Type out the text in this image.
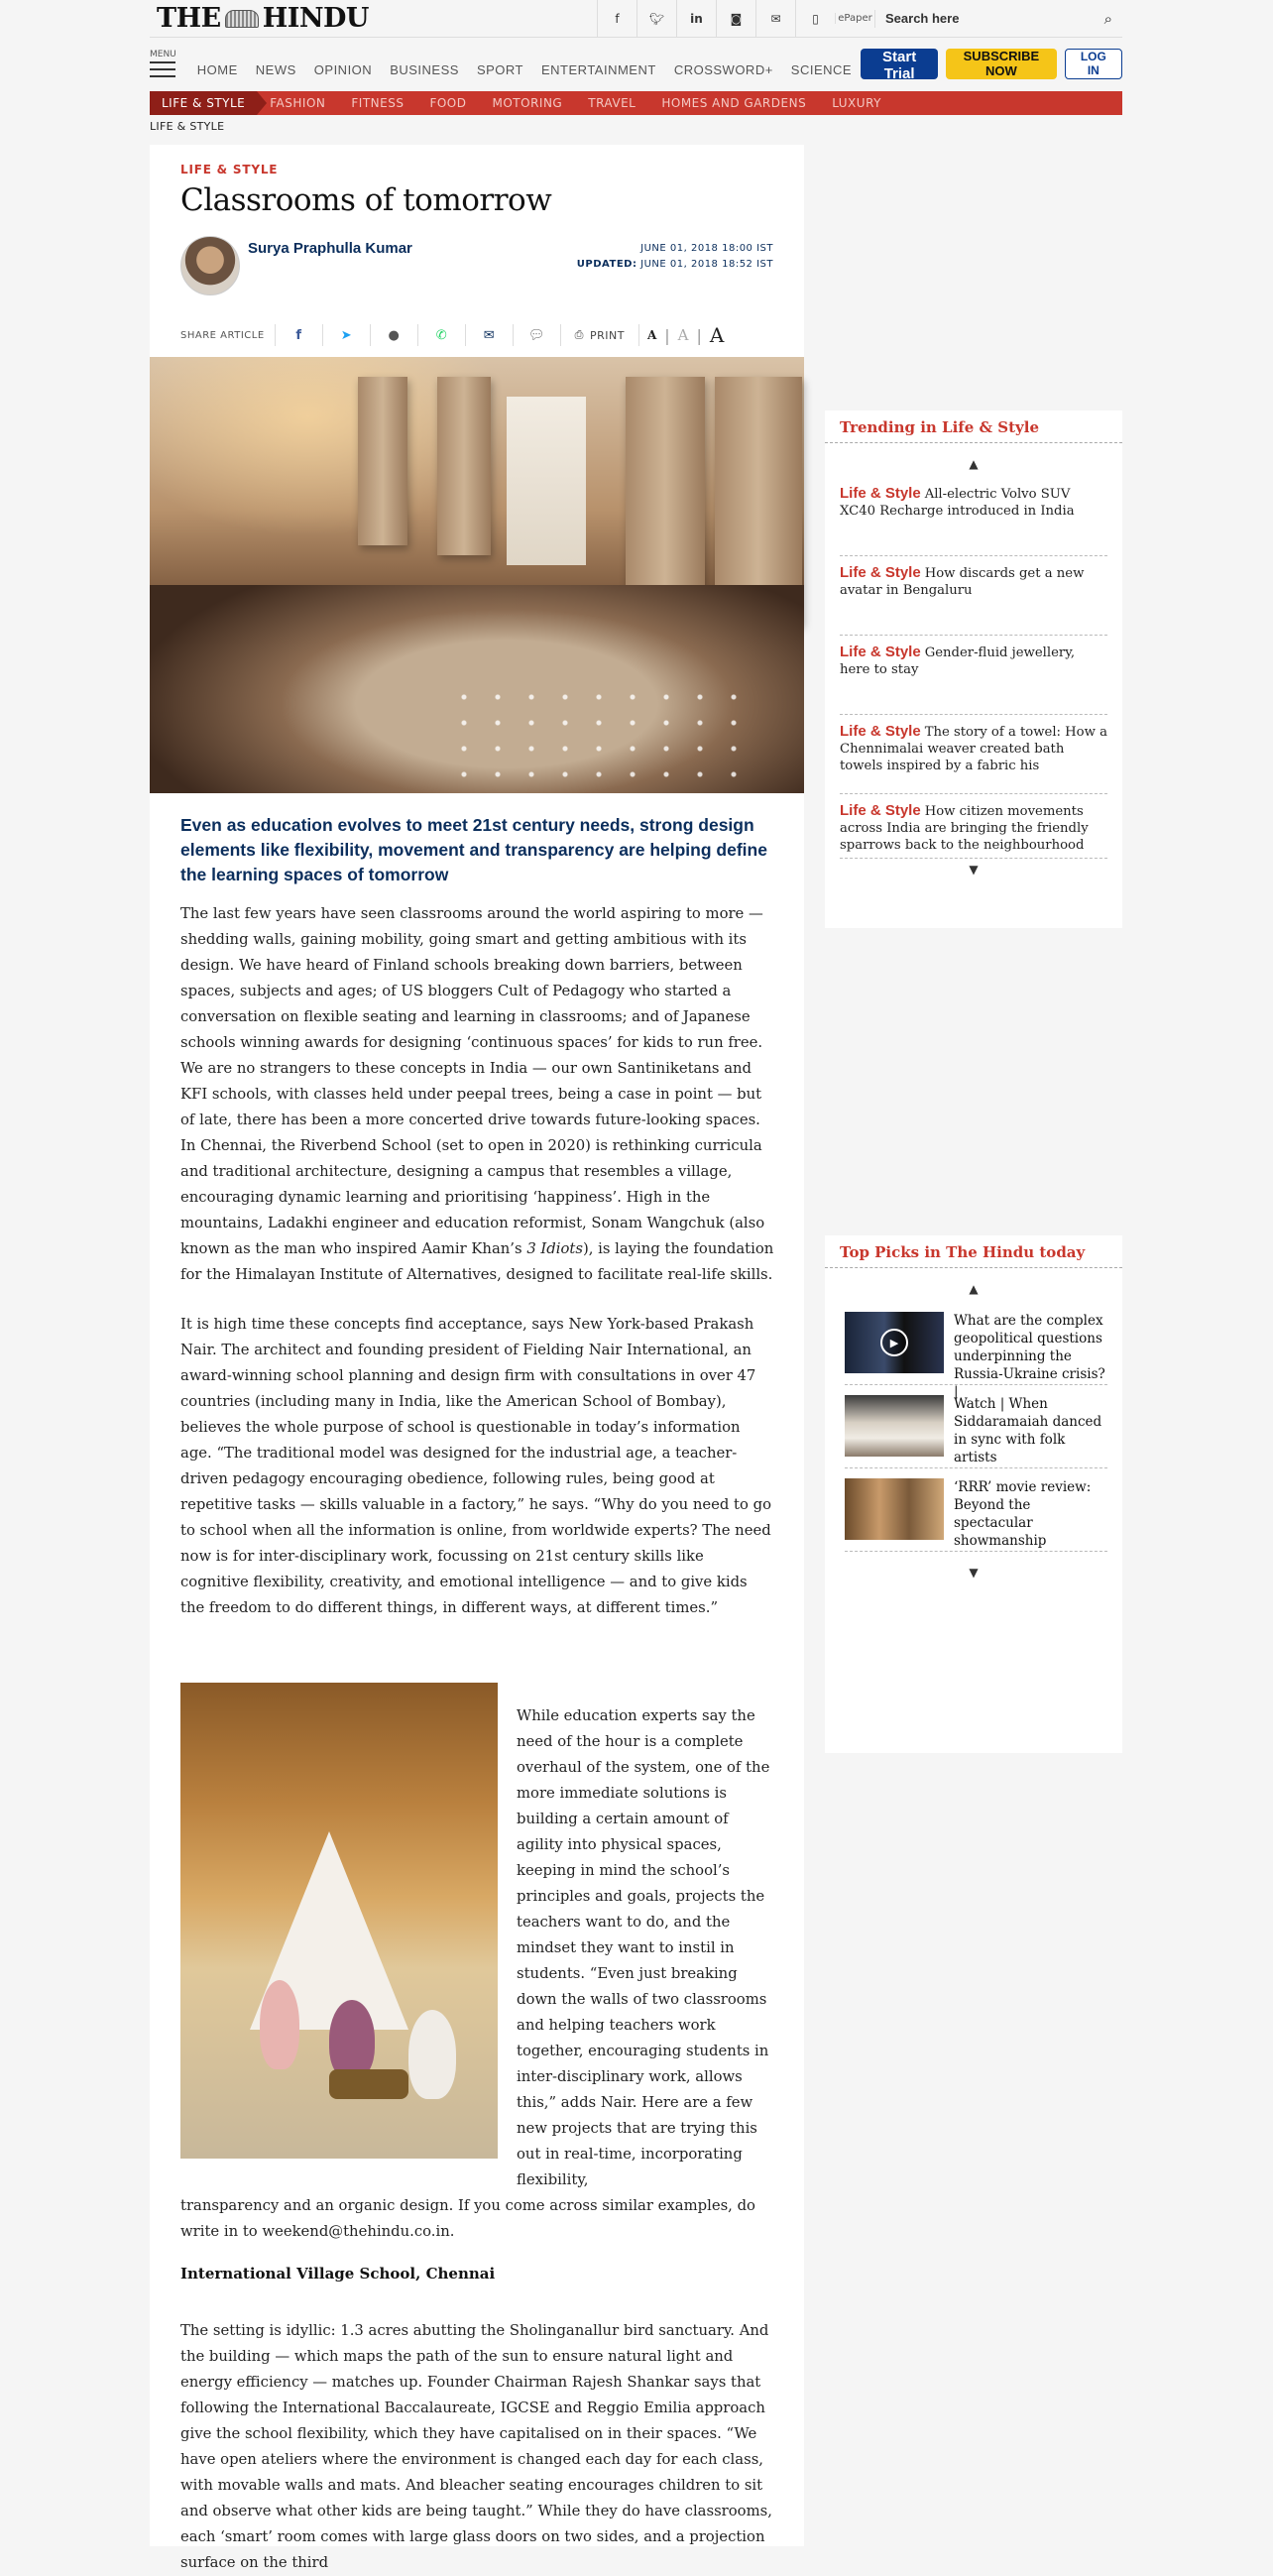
THE HINDU	f	🐦︎	in	◙	✉	▯	ePaper
Search here	⌕
MENU
HOME	NEWS	OPINION	BUSINESS	SPORT	ENTERTAINMENT	CROSSWORD+	SCIENCE
Start Trial
SUBSCRIBE NOW
LOG IN
LIFE & STYLE	FASHION	FITNESS	FOOD	MOTORING	TRAVEL	HOMES AND GARDENS	LUXURY
LIFE & STYLE
LIFE & STYLE
Classrooms of tomorrow
Surya Praphulla Kumar	JUNE 01, 2018 18:00 IST
UPDATED: JUNE 01, 2018 18:52 IST
SHARE ARTICLE	f	➤	●	✆	✉	💬︎	⎙ PRINT	A | A | A

Even as education evolves to meet 21st century needs, strong design elements like flexibility, movement and transparency are helping define the learning spaces of tomorrow

The last few years have seen classrooms around the world aspiring to more — shedding walls, gaining mobility, going smart and getting ambitious with its design. We have heard of Finland schools breaking down barriers, between spaces, subjects and ages; of US bloggers Cult of Pedagogy who started a conversation on flexible seating and learning in classrooms; and of Japanese schools winning awards for designing ‘continuous spaces’ for kids to run free. We are no strangers to these concepts in India — our own Santiniketans and KFI schools, with classes held under peepal trees, being a case in point — but of late, there has been a more concerted drive towards future-looking spaces. In Chennai, the Riverbend School (set to open in 2020) is rethinking curricula and traditional architecture, designing a campus that resembles a village, encouraging dynamic learning and prioritising ‘happiness’. High in the mountains, Ladakhi engineer and education reformist, Sonam Wangchuk (also known as the man who inspired Aamir Khan’s 3 Idiots), is laying the foundation for the Himalayan Institute of Alternatives, designed to facilitate real-life skills.

It is high time these concepts find acceptance, says New York-based Prakash Nair. The architect and founding president of Fielding Nair International, an award-winning school planning and design firm with consultations in over 47 countries (including many in India, like the American School of Bombay), believes the whole purpose of school is questionable in today’s information age. “The traditional model was designed for the industrial age, a teacher-driven pedagogy encouraging obedience, following rules, being good at repetitive tasks — skills valuable in a factory,” he says. “Why do you need to go to school when all the information is online, from worldwide experts? The need now is for inter-disciplinary work, focussing on 21st century skills like cognitive flexibility, creativity, and emotional intelligence — and to give kids the freedom to do different things, in different ways, at different times.”

While education experts say the need of the hour is a complete overhaul of the system, one of the more immediate solutions is building a certain amount of agility into physical spaces, keeping in mind the school’s principles and goals, projects the teachers want to do, and the mindset they want to instil in students. “Even just breaking down the walls of two classrooms and helping teachers work together, encouraging students in inter-disciplinary work, allows this,” adds Nair. Here are a few new projects that are trying this out in real-time, incorporating flexibility,

transparency and an organic design. If you come across similar examples, do write in to weekend@thehindu.co.in.

International Village School, Chennai

The setting is idyllic: 1.3 acres abutting the Sholinganallur bird sanctuary. And the building — which maps the path of the sun to ensure natural light and energy efficiency — matches up. Founder Chairman Rajesh Shankar says that following the International Baccalaureate, IGCSE and Reggio Emilia approach give the school flexibility, which they have capitalised on in their spaces. “We have open ateliers where the environment is changed each day for each class, with movable walls and mats. And bleacher seating encourages children to sit and observe what other kids are being taught.” While they do have classrooms, each ‘smart’ room comes with large glass doors on two sides, and a projection surface on the third

Trending in Life & Style
▲
Life & Style All-electric Volvo SUV XC40 Recharge introduced in India
Life & Style How discards get a new avatar in Bengaluru
Life & Style Gender-fluid jewellery, here to stay
Life & Style The story of a towel: How a Chennimalai weaver created bath towels inspired by a fabric his
Life & Style How citizen movements across India are bringing the friendly sparrows back to the neighbourhood
▼
Top Picks in The Hindu today
▲
▶
What are the complex geopolitical questions underpinning the Russia-Ukraine crisis? |
Watch | When Siddaramaiah danced in sync with folk artists
‘RRR’ movie review: Beyond the spectacular showmanship
▼
